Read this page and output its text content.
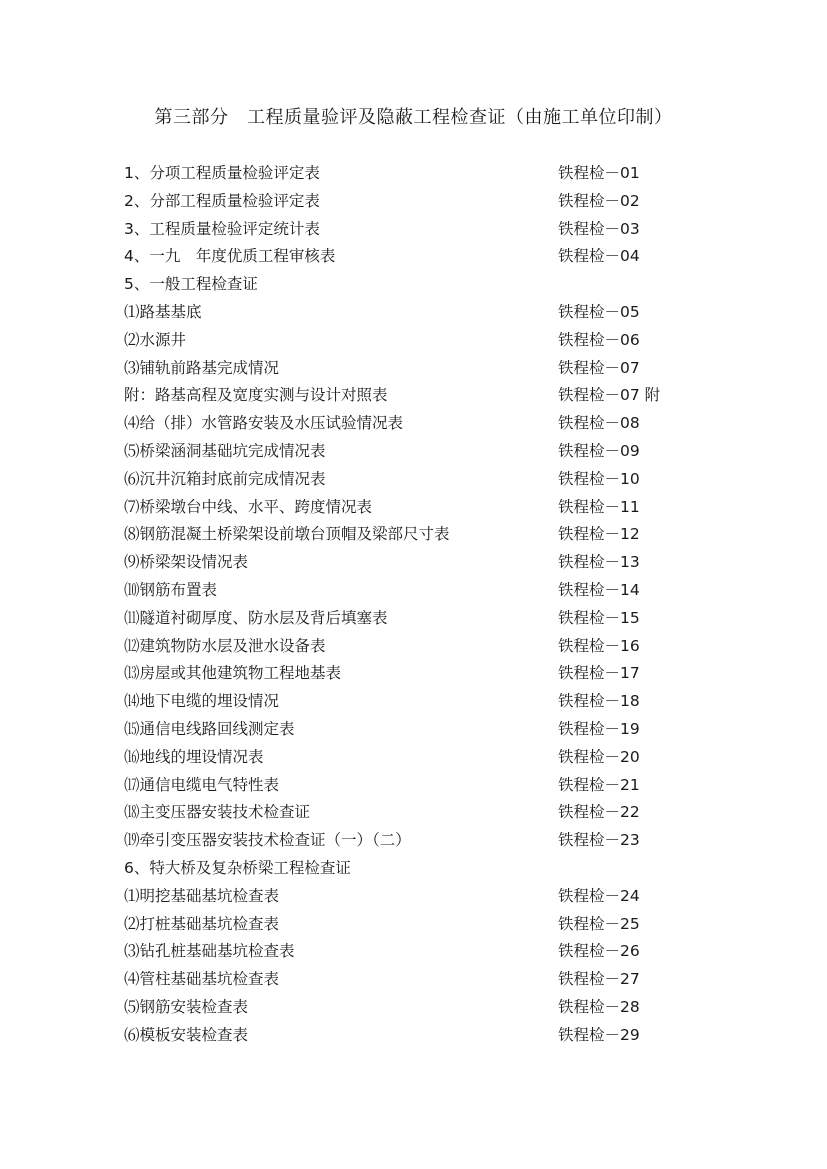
第三部分　工程质量验评及隐蔽工程检查证（由施工单位印制）
1、分项工程质量检验评定表	铁程检－01
2、分部工程质量检验评定表	铁程检－02
3、工程质量检验评定统计表	铁程检－03
4、一九　年度优质工程审核表	铁程检－04
5、一般工程检查证
⑴路基基底	铁程检－05
⑵水源井	铁程检－06
⑶铺轨前路基完成情况	铁程检－07
附：路基高程及宽度实测与设计对照表	铁程检－07 附
⑷给（排）水管路安装及水压试验情况表	铁程检－08
⑸桥梁涵洞基础坑完成情况表	铁程检－09
⑹沉井沉箱封底前完成情况表	铁程检－10
⑺桥梁墩台中线、水平、跨度情况表	铁程检－11
⑻钢筋混凝土桥梁架设前墩台顶帽及梁部尺寸表	铁程检－12
⑼桥梁架设情况表	铁程检－13
⑽钢筋布置表	铁程检－14
⑾隧道衬砌厚度、防水层及背后填塞表	铁程检－15
⑿建筑物防水层及泄水设备表	铁程检－16
⒀房屋或其他建筑物工程地基表	铁程检－17
⒁地下电缆的埋设情况	铁程检－18
⒂通信电线路回线测定表	铁程检－19
⒃地线的埋设情况表	铁程检－20
⒄通信电缆电气特性表	铁程检－21
⒅主变压器安装技术检查证	铁程检－22
⒆牵引变压器安装技术检查证（一）（二）	铁程检－23
6、特大桥及复杂桥梁工程检查证
⑴明挖基础基坑检查表	铁程检－24
⑵打桩基础基坑检查表	铁程检－25
⑶钻孔桩基础基坑检查表	铁程检－26
⑷管柱基础基坑检查表	铁程检－27
⑸钢筋安装检查表	铁程检－28
⑹模板安装检查表	铁程检－29
